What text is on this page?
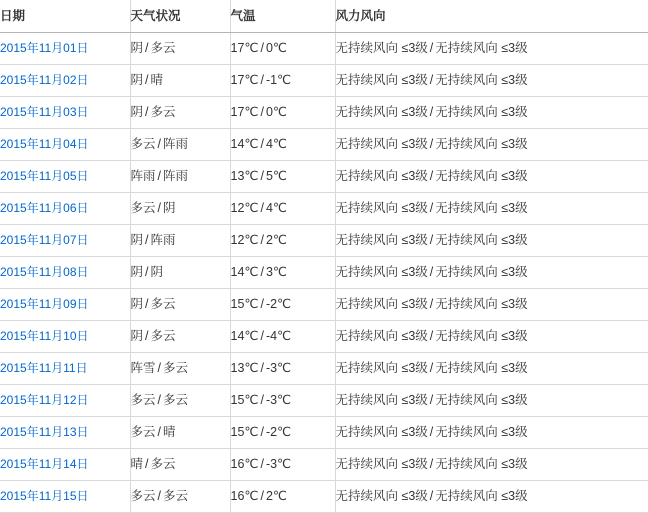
日期	天气状况	气温	风力风向
2015年11月01日	阴 / 多云	17℃ / 0℃	无持续风向 ≤3级 / 无持续风向 ≤3级
2015年11月02日	阴 / 晴	17℃ / -1℃	无持续风向 ≤3级 / 无持续风向 ≤3级
2015年11月03日	阴 / 多云	17℃ / 0℃	无持续风向 ≤3级 / 无持续风向 ≤3级
2015年11月04日	多云 / 阵雨	14℃ / 4℃	无持续风向 ≤3级 / 无持续风向 ≤3级
2015年11月05日	阵雨 / 阵雨	13℃ / 5℃	无持续风向 ≤3级 / 无持续风向 ≤3级
2015年11月06日	多云 / 阴	12℃ / 4℃	无持续风向 ≤3级 / 无持续风向 ≤3级
2015年11月07日	阴 / 阵雨	12℃ / 2℃	无持续风向 ≤3级 / 无持续风向 ≤3级
2015年11月08日	阴 / 阴	14℃ / 3℃	无持续风向 ≤3级 / 无持续风向 ≤3级
2015年11月09日	阴 / 多云	15℃ / -2℃	无持续风向 ≤3级 / 无持续风向 ≤3级
2015年11月10日	阴 / 多云	14℃ / -4℃	无持续风向 ≤3级 / 无持续风向 ≤3级
2015年11月11日	阵雪 / 多云	13℃ / -3℃	无持续风向 ≤3级 / 无持续风向 ≤3级
2015年11月12日	多云 / 多云	15℃ / -3℃	无持续风向 ≤3级 / 无持续风向 ≤3级
2015年11月13日	多云 / 晴	15℃ / -2℃	无持续风向 ≤3级 / 无持续风向 ≤3级
2015年11月14日	晴 / 多云	16℃ / -3℃	无持续风向 ≤3级 / 无持续风向 ≤3级
2015年11月15日	多云 / 多云	16℃ / 2℃	无持续风向 ≤3级 / 无持续风向 ≤3级
